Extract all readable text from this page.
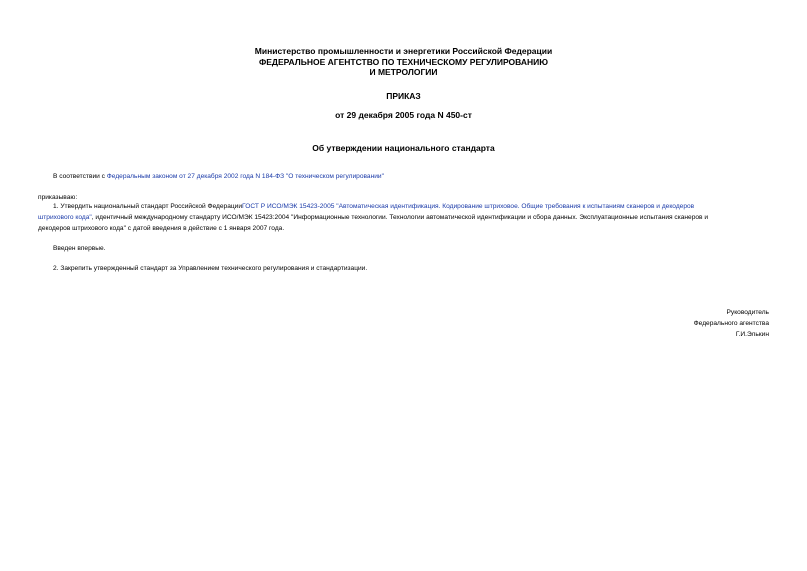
Министерство промышленности и энергетики Российской Федерации
ФЕДЕРАЛЬНОЕ АГЕНТСТВО ПО ТЕХНИЧЕСКОМУ РЕГУЛИРОВАНИЮ
И МЕТРОЛОГИИ
ПРИКАЗ
от 29 декабря 2005 года N 450-ст
Об утверждении национального стандарта
В соответствии с Федеральным законом от 27 декабря 2002 года N 184-ФЗ "О техническом регулировании"
приказываю:
1. Утвердить национальный стандарт Российской ФедерацииГОСТ Р ИСО/МЭК 15423-2005 "Автоматическая идентификация. Кодирование штриховое. Общие требования к испытаниям сканеров и декодеров
штрихового кода", идентичный международному стандарту ИСО/МЭК 15423:2004 "Информационные технологии. Технологии автоматической идентификации и сбора данных. Эксплуатационные испытания сканеров и
декодеров штрихового кода" с датой введения в действие с 1 января 2007 года.
Введен впервые.
2. Закрепить утвержденный стандарт за Управлением технического регулирования и стандартизации.
Руководитель
Федерального агентства
Г.И.Элькин
